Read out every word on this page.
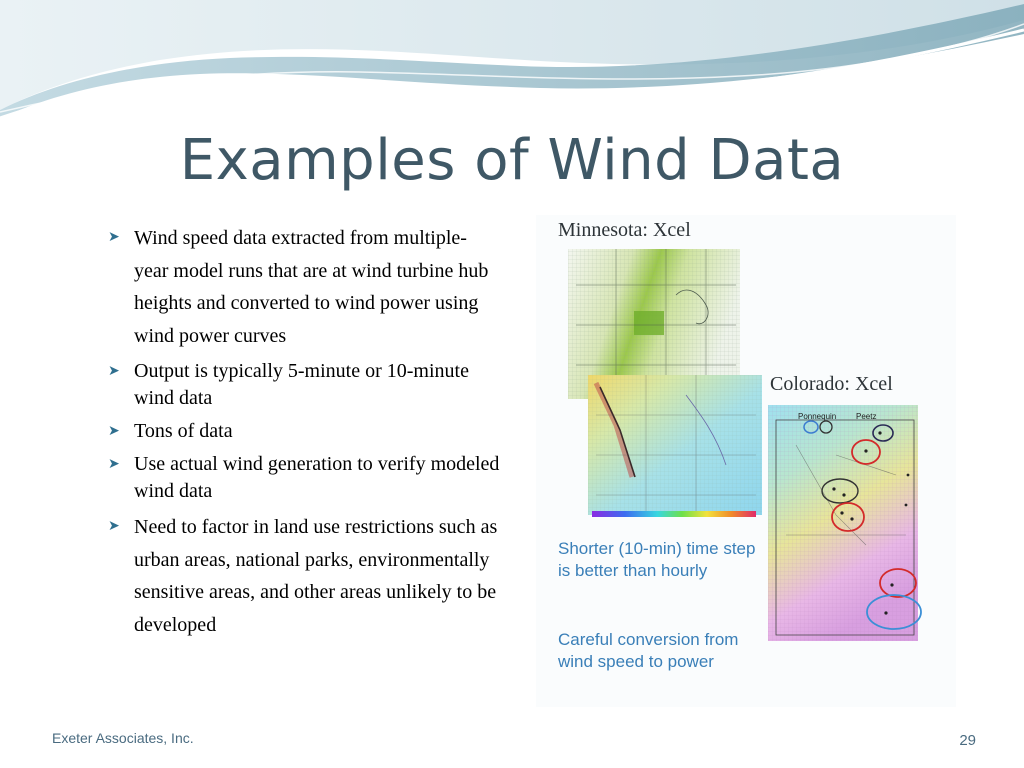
Examples of Wind Data
➤ Wind speed data extracted from multiple-year model runs that are at wind turbine hub heights and converted to wind power using wind power curves
➤ Output is typically 5-minute or 10-minute wind data
➤ Tons of data
➤ Use actual wind generation to verify modeled wind data
➤ Need to factor in land use restrictions such as urban areas, national parks, environmentally sensitive areas, and other areas unlikely to be developed
Minnesota: Xcel
Colorado: Xcel
Ponnequin Peetz
Shorter (10-min) time step is better than hourly
Careful conversion from wind speed to power
Exeter Associates, Inc.	29
